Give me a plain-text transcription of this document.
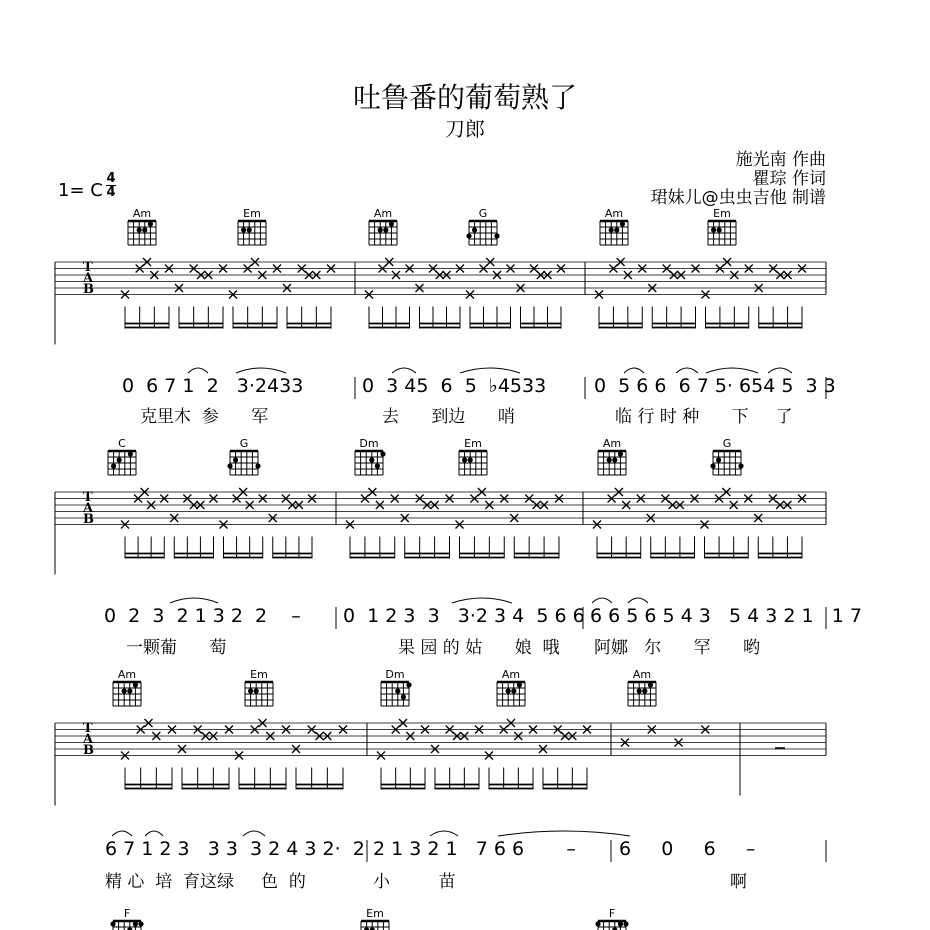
吐鲁番的葡萄熟了
刀郎
施光南 作曲
瞿琮 作词
珺妹儿@虫虫吉他 制谱
1= C
4
4
T
A
B
T
A
B
T
A
B
Am	Em	Am	G	Am	Em
0  6 7 1  2   3·2433	0  3 45  6  5  ♭4533	0  5 6 6  6 7 5· 654 5  3 3
克里木  参      军	去      到边      哨	临 行 时 种      下     了
C	G	Dm	Em	Am	G
0  2  3  2 1 3 2  2    – 0  1 2 3  3   3·2 3 4  5 6 6 6 6 5 6 5 4 3   5 4 3 2 1   1 7
一颗葡      萄	果 园 的 姑      娘  哦 阿娜   尔      罕      哟
Am	Em	Dm	Am	Am
6 7 1 2 3   3 3  3 2 4 3 2·  2 2 1 3 2 1   7 6 6       – 6     0     6     –
精 心  培  育这绿     色  的	小         苗	啊
F	Em	F
